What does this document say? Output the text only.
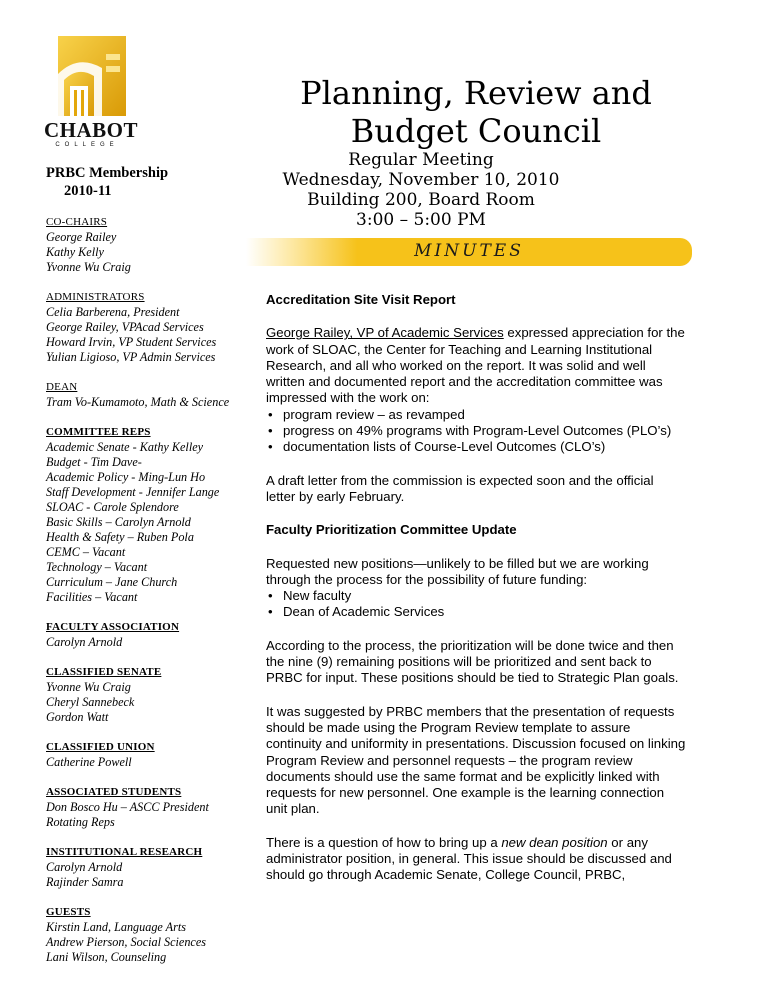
CHABOT
COLLEGE
Planning, Review and
Budget Council
Regular Meeting
Wednesday, November 10, 2010
Building 200, Board Room
3:00 – 5:00 PM
MINUTES
PRBC Membership
2010-11
CO-CHAIRS
George Railey
Kathy Kelly
Yvonne Wu Craig
ADMINISTRATORS
Celia Barberena, President
George Railey, VPAcad Services
Howard Irvin, VP Student Services
Yulian Ligioso, VP Admin Services
DEAN
Tram Vo-Kumamoto, Math & Science
COMMITTEE REPS
Academic Senate - Kathy Kelley
Budget - Tim Dave-
Academic Policy - Ming-Lun Ho
Staff Development - Jennifer Lange
SLOAC - Carole Splendore
Basic Skills – Carolyn Arnold
Health & Safety – Ruben Pola
CEMC – Vacant
Technology – Vacant
Curriculum – Jane Church
Facilities – Vacant
FACULTY ASSOCIATION
Carolyn Arnold
CLASSIFIED SENATE
Yvonne Wu Craig
Cheryl Sannebeck
Gordon Watt
CLASSIFIED UNION
Catherine Powell
ASSOCIATED STUDENTS
Don Bosco Hu – ASCC President
Rotating Reps
INSTITUTIONAL RESEARCH
Carolyn Arnold
Rajinder Samra
GUESTS
Kirstin Land, Language Arts
Andrew Pierson, Social Sciences
Lani Wilson, Counseling
Accreditation Site Visit Report

George Railey, VP of Academic Services expressed appreciation for the work of SLOAC, the Center for Teaching and Learning Institutional Research, and all who worked on the report. It was solid and well written and documented report and the accreditation committee was impressed with the work on:

• program review – as revamped
• progress on 49% programs with Program-Level Outcomes (PLO’s)
• documentation lists of Course-Level Outcomes (CLO’s)

A draft letter from the commission is expected soon and the official letter by early February.

Faculty Prioritization Committee Update

Requested new positions—unlikely to be filled but we are working through the process for the possibility of future funding:

• New faculty
• Dean of Academic Services

According to the process, the prioritization will be done twice and then the nine (9) remaining positions will be prioritized and sent back to PRBC for input. These positions should be tied to Strategic Plan goals.

It was suggested by PRBC members that the presentation of requests should be made using the Program Review template to assure continuity and uniformity in presentations. Discussion focused on linking Program Review and personnel requests – the program review documents should use the same format and be explicitly linked with requests for new personnel. One example is the learning connection unit plan.

There is a question of how to bring up a new dean position or any administrator position, in general. This issue should be discussed and should go through Academic Senate, College Council, PRBC,
